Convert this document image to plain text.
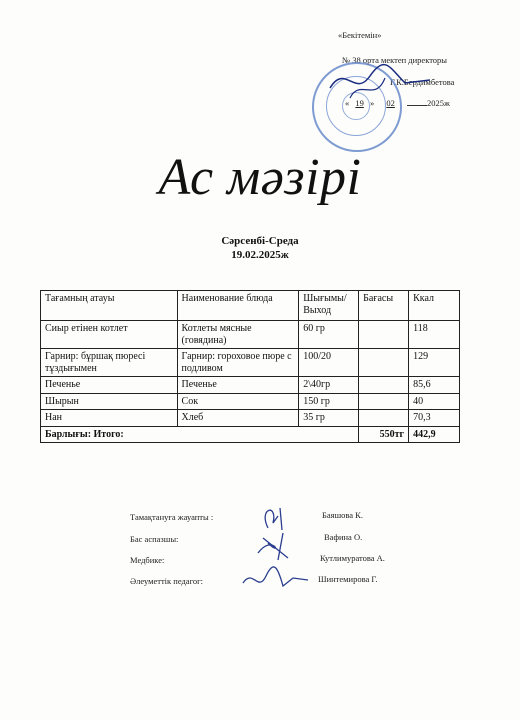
«Бекітемін»
№ 38 орта мектеп директоры
Г.К.Бердимбетова
« 19 » 02	2025ж
Ас мәзірі
Сәрсенбі-Среда
19.02.2025ж
Тағамның атауы	Наименование блюда	Шығымы/ Выход	Бағасы	Ккал
Сиыр етінен котлет	Котлеты мясные (говядина)	60 гр		118
Гарнир: бұршақ пюресі тұздығымен	Гарнир: гороховое пюре с подливом	100/20		129
Печенье	Печенье	2\40гр		85,6
Шырын	Сок	150 гр		40
Нан	Хлеб	35 гр		70,3
Барлығы: Итого:			550тг	442,9
Тамақтануға жауапты :	Баяшова К.
Бас аспазшы:	Вафина О.
Медбике:	Кутлимуратова А.
Әлеуметтік педагог:	Шинтемирова Г.
